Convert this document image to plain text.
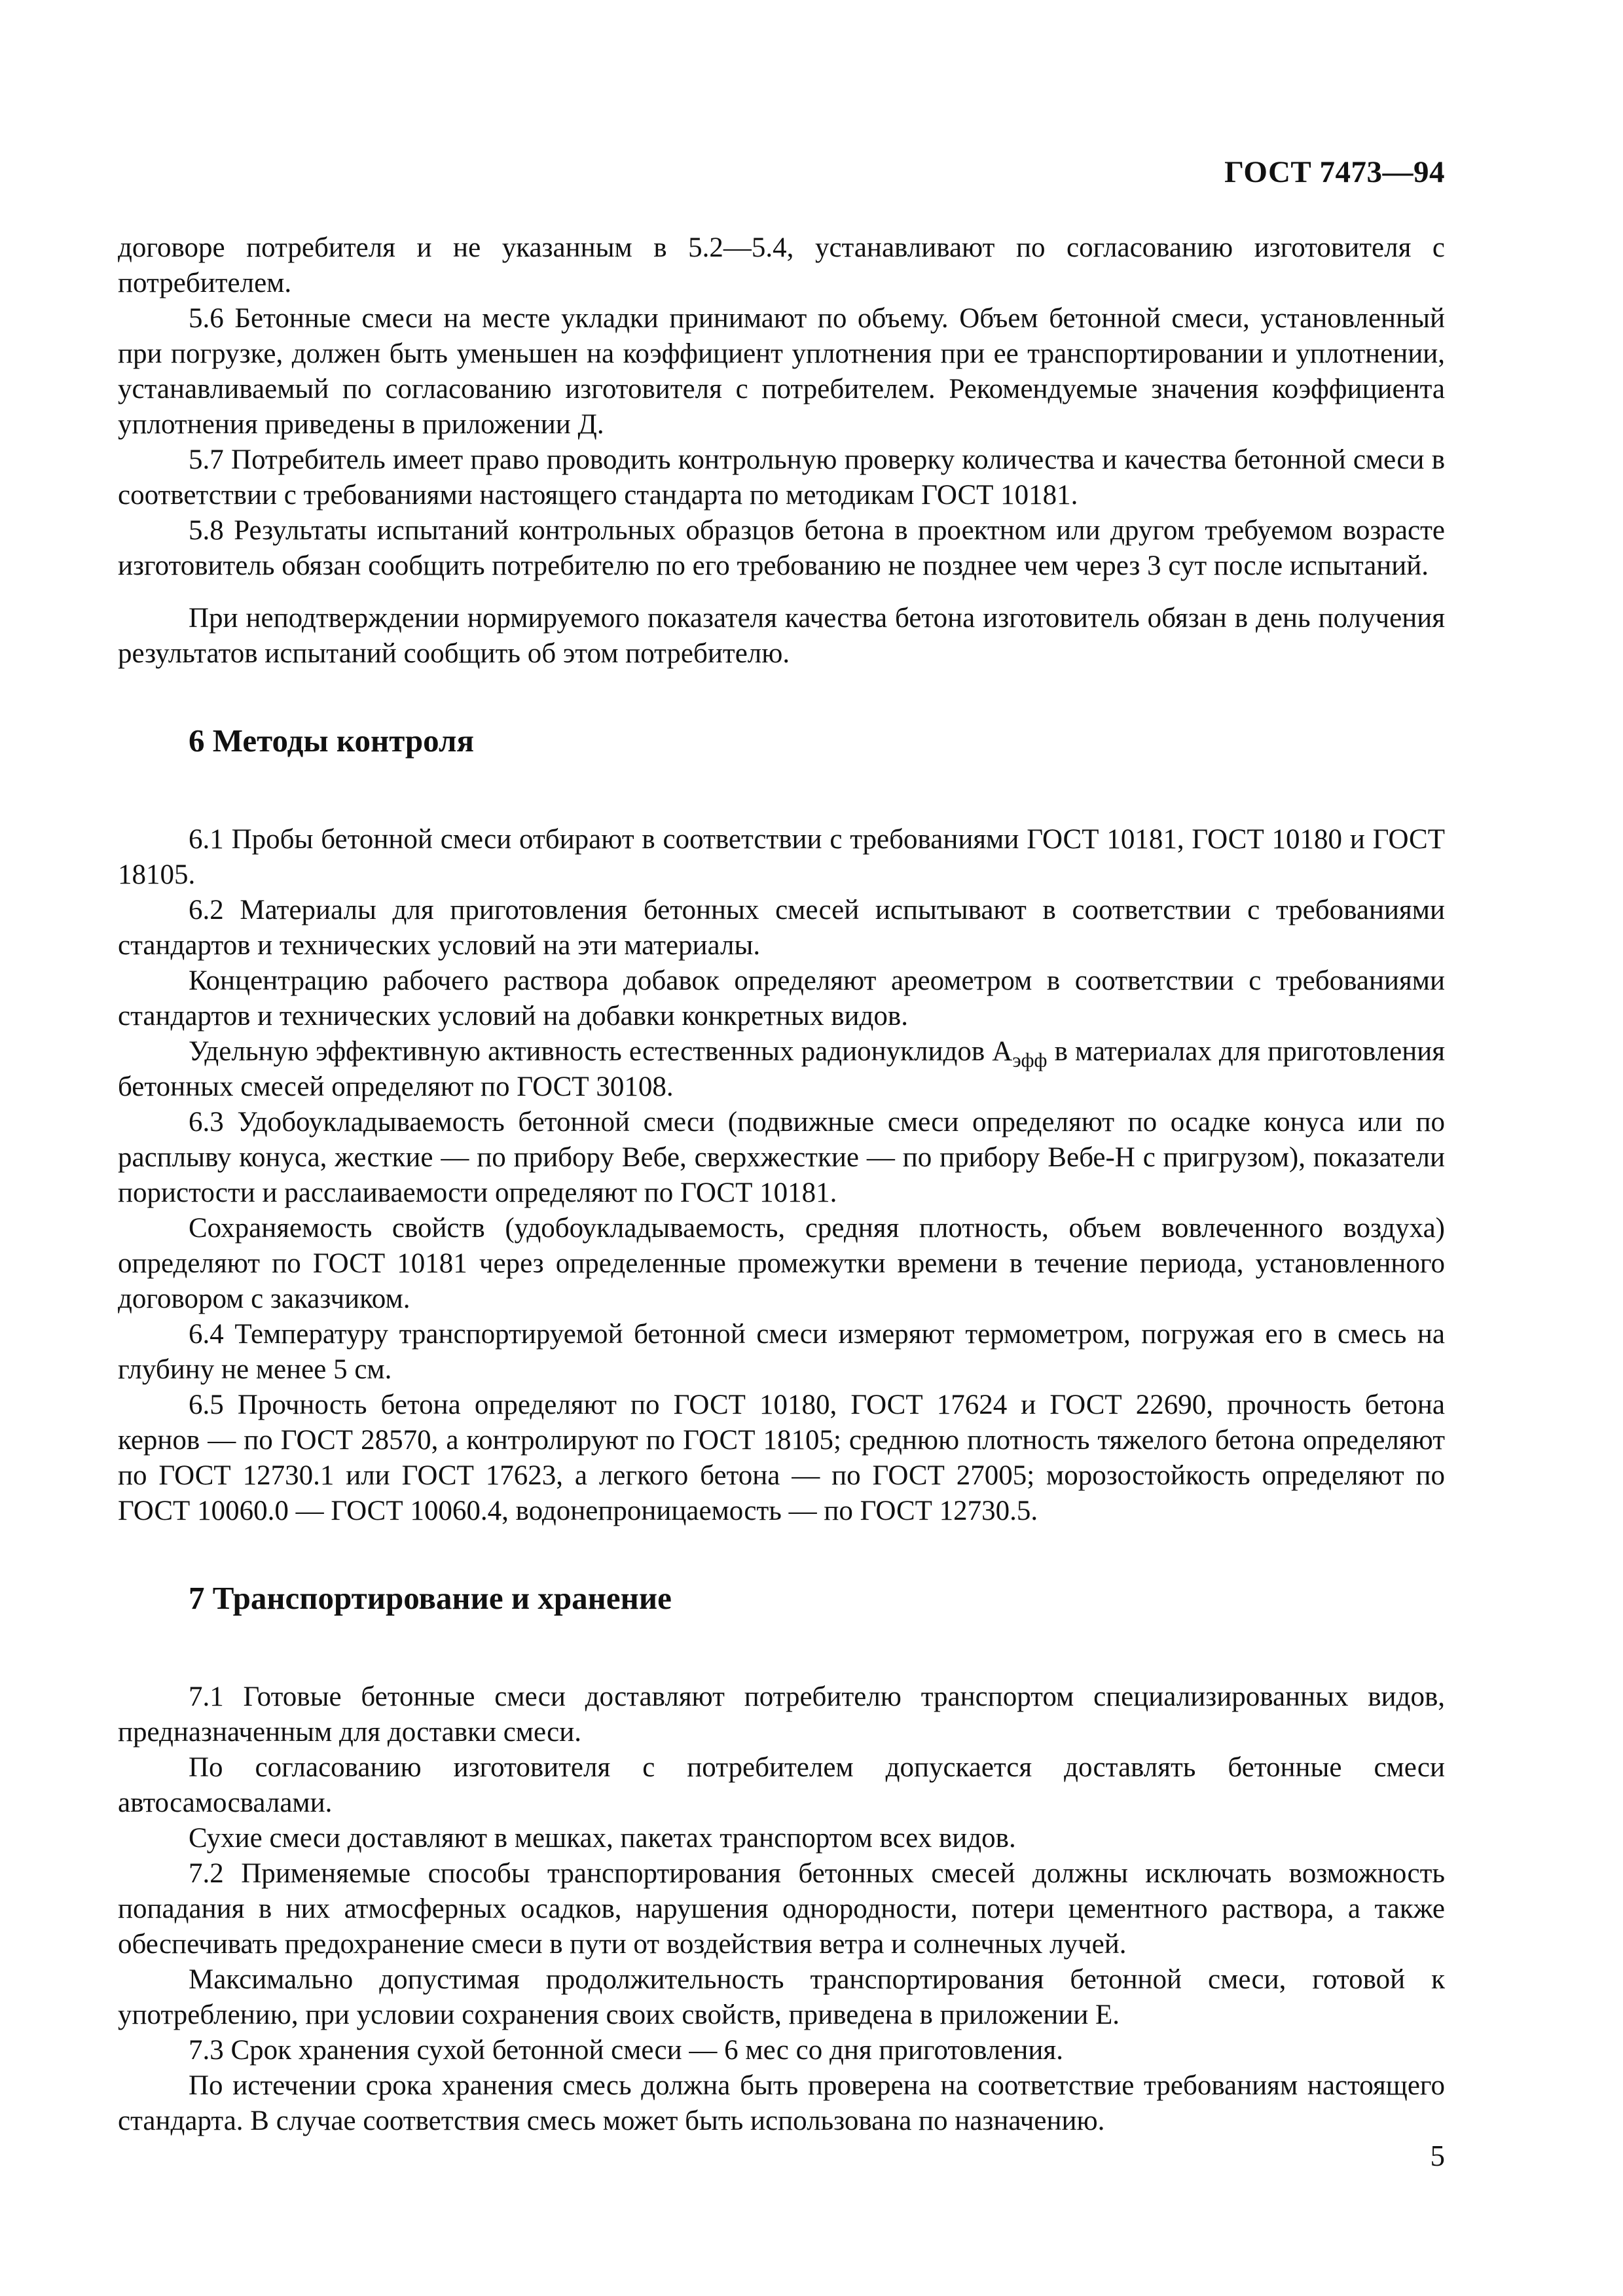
ГОСТ 7473—94

договоре потребителя и не указанным в 5.2—5.4, устанавливают по согласованию изготовителя с потребителем.

5.6 Бетонные смеси на месте укладки принимают по объему. Объем бетонной смеси, установленный при погрузке, должен быть уменьшен на коэффициент уплотнения при ее транспортировании и уплотнении, устанавливаемый по согласованию изготовителя с потребителем. Рекомендуемые значения коэффициента уплотнения приведены в приложении Д.

5.7 Потребитель имеет право проводить контрольную проверку количества и качества бетонной смеси в соответствии с требованиями настоящего стандарта по методикам ГОСТ 10181.

5.8 Результаты испытаний контрольных образцов бетона в проектном или другом требуемом возрасте изготовитель обязан сообщить потребителю по его требованию не позднее чем через 3 сут после испытаний.

При неподтверждении нормируемого показателя качества бетона изготовитель обязан в день получения результатов испытаний сообщить об этом потребителю.

6 Методы контроля

6.1 Пробы бетонной смеси отбирают в соответствии с требованиями ГОСТ 10181, ГОСТ 10180 и ГОСТ 18105.

6.2 Материалы для приготовления бетонных смесей испытывают в соответствии с требованиями стандартов и технических условий на эти материалы.

Концентрацию рабочего раствора добавок определяют ареометром в соответствии с требованиями стандартов и технических условий на добавки конкретных видов.

Удельную эффективную активность естественных радионуклидов $А_{эфф}$ в материалах для приготовления бетонных смесей определяют по ГОСТ 30108.

6.3 Удобоукладываемость бетонной смеси (подвижные смеси определяют по осадке конуса или по расплыву конуса, жесткие — по прибору Вебе, сверхжесткие — по прибору Вебе-Н с пригрузом), показатели пористости и расслаиваемости определяют по ГОСТ 10181.

Сохраняемость свойств (удобоукладываемость, средняя плотность, объем вовлеченного воздуха) определяют по ГОСТ 10181 через определенные промежутки времени в течение периода, установленного договором с заказчиком.

6.4 Температуру транспортируемой бетонной смеси измеряют термометром, погружая его в смесь на глубину не менее 5 см.

6.5 Прочность бетона определяют по ГОСТ 10180, ГОСТ 17624 и ГОСТ 22690, прочность бетона кернов — по ГОСТ 28570, а контролируют по ГОСТ 18105; среднюю плотность тяжелого бетона определяют по ГОСТ 12730.1 или ГОСТ 17623, а легкого бетона — по ГОСТ 27005; морозостойкость определяют по ГОСТ 10060.0 — ГОСТ 10060.4, водонепроницаемость — по ГОСТ 12730.5.

7 Транспортирование и хранение

7.1 Готовые бетонные смеси доставляют потребителю транспортом специализированных видов, предназначенным для доставки смеси.

По согласованию изготовителя с потребителем допускается доставлять бетонные смеси автосамосвалами.

Сухие смеси доставляют в мешках, пакетах транспортом всех видов.

7.2 Применяемые способы транспортирования бетонных смесей должны исключать возможность попадания в них атмосферных осадков, нарушения однородности, потери цементного раствора, а также обеспечивать предохранение смеси в пути от воздействия ветра и солнечных лучей.

Максимально допустимая продолжительность транспортирования бетонной смеси, готовой к употреблению, при условии сохранения своих свойств, приведена в приложении Е.

7.3 Срок хранения сухой бетонной смеси — 6 мес со дня приготовления.

По истечении срока хранения смесь должна быть проверена на соответствие требованиям настоящего стандарта. В случае соответствия смесь может быть использована по назначению.

5
